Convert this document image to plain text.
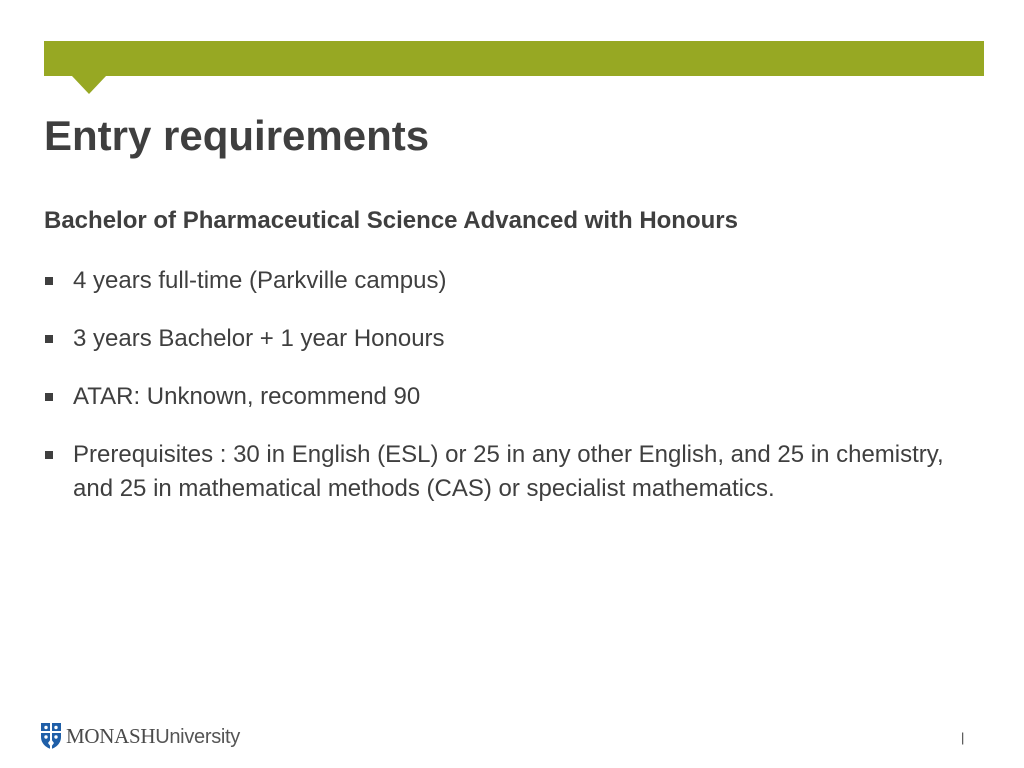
Entry requirements
Bachelor of Pharmaceutical Science Advanced with Honours
4 years full-time (Parkville campus)
3 years Bachelor + 1 year Honours
ATAR: Unknown, recommend 90
Prerequisites : 30 in English (ESL) or 25 in any other English, and 25 in chemistry, and 25 in mathematical methods (CAS) or specialist mathematics.
MONASHUniversity	|
